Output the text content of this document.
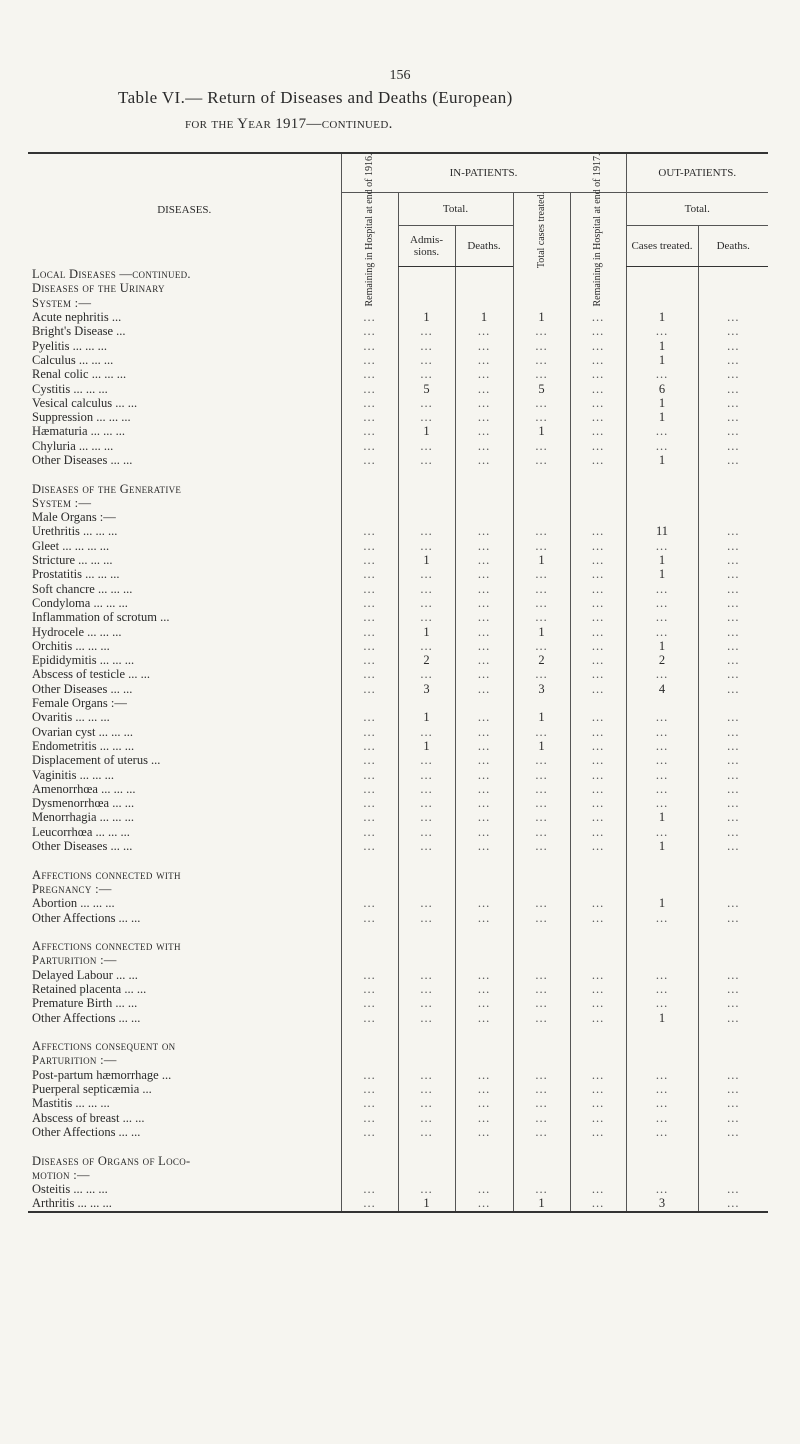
156
Table VI.— Return of Diseases and Deaths (European)
for the Year 1917—continued.
DISEASES.	IN-PATIENTS.					OUT-PATIENTS.	

	Remaining in Hospital at end of 1916.	Total.		Total cases treated.	Remaining in Hospital at end of 1917.	Total.	
		Admis- sions.	Deaths.			Cases treated.	Deaths.
Local Diseases —continued.							
Diseases of the Urinary							
System :—							
Acute nephritis ...	...	1	1	1	...	1	...
Bright's Disease ...	...	...	...	...	...	...	...
Pyelitis ... ... ...	...	...	...	...	...	1	...
Calculus ... ... ...	...	...	...	...	...	1	...
Renal colic ... ... ...	...	...	...	...	...	...	...
Cystitis ... ... ...	...	5	...	5	...	6	...
Vesical calculus ... ...	...	...	...	...	...	1	...
Suppression ... ... ...	...	...	...	...	...	1	...
Hæmaturia ... ... ...	...	1	...	1	...	...	...
Chyluria ... ... ...	...	...	...	...	...	...	...
Other Diseases ... ...	...	...	...	...	...	1	...

Diseases of the Generative							
System :—							
Male Organs :—							
Urethritis ... ... ...	...	...	...	...	...	11	...
Gleet ... ... ... ...	...	...	...	...	...	...	...
Stricture ... ... ...	...	1	...	1	...	1	...
Prostatitis ... ... ...	...	...	...	...	...	1	...
Soft chancre ... ... ...	...	...	...	...	...	...	...
Condyloma ... ... ...	...	...	...	...	...	...	...
Inflammation of scrotum ...	...	...	...	...	...	...	...
Hydrocele ... ... ...	...	1	...	1	...	...	...
Orchitis ... ... ...	...	...	...	...	...	1	...
Epididymitis ... ... ...	...	2	...	2	...	2	...
Abscess of testicle ... ...	...	...	...	...	...	...	...
Other Diseases ... ...	...	3	...	3	...	4	...
Female Organs :—							
Ovaritis ... ... ...	...	1	...	1	...	...	...
Ovarian cyst ... ... ...	...	...	...	...	...	...	...
Endometritis ... ... ...	...	1	...	1	...	...	...
Displacement of uterus ...	...	...	...	...	...	...	...
Vaginitis ... ... ...	...	...	...	...	...	...	...
Amenorrhœa ... ... ...	...	...	...	...	...	...	...
Dysmenorrhœa ... ...	...	...	...	...	...	...	...
Menorrhagia ... ... ...	...	...	...	...	...	1	...
Leucorrhœa ... ... ...	...	...	...	...	...	...	...
Other Diseases ... ...	...	...	...	...	...	1	...

Affections connected with							
Pregnancy :—							
Abortion ... ... ...	...	...	...	...	...	1	...
Other Affections ... ...	...	...	...	...	...	...	...

Affections connected with							
Parturition :—							
Delayed Labour ... ...	...	...	...	...	...	...	...
Retained placenta ... ...	...	...	...	...	...	...	...
Premature Birth ... ...	...	...	...	...	...	...	...
Other Affections ... ...	...	...	...	...	...	1	...

Affections consequent on							
Parturition :—							
Post-partum hæmorrhage ...	...	...	...	...	...	...	...
Puerperal septicæmia ...	...	...	...	...	...	...	...
Mastitis ... ... ...	...	...	...	...	...	...	...
Abscess of breast ... ...	...	...	...	...	...	...	...
Other Affections ... ...	...	...	...	...	...	...	...

Diseases of Organs of Loco-							
motion :—							
Osteitis ... ... ...	...	...	...	...	...	...	...
Arthritis ... ... ...	...	1	...	1	...	3	...
